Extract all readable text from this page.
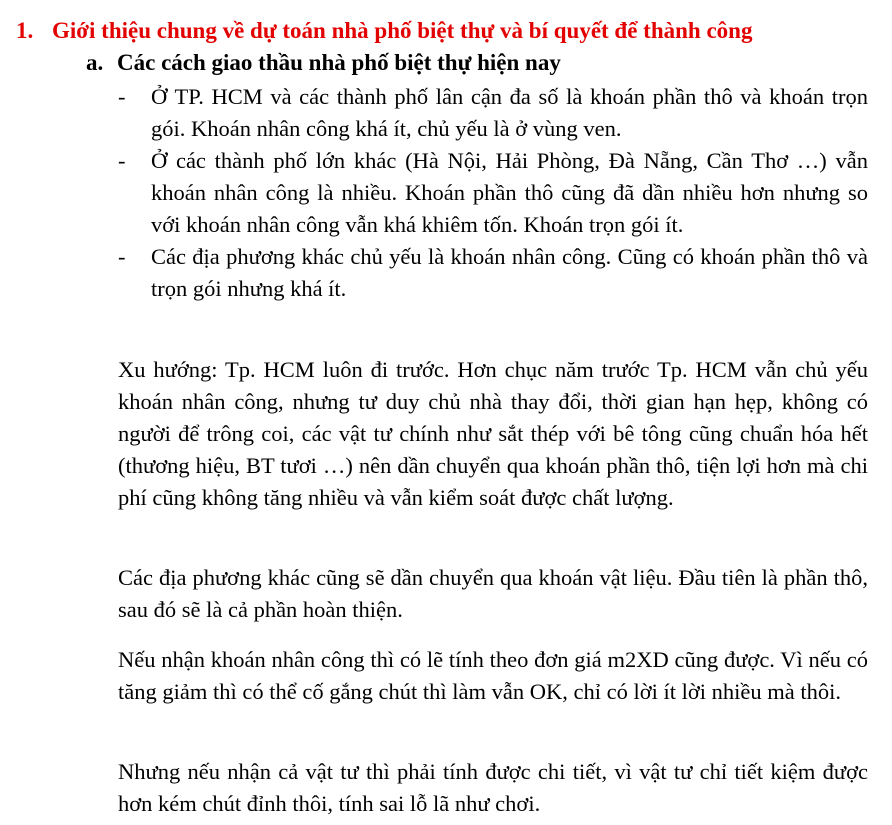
1. Giới thiệu chung về dự toán nhà phố biệt thự và bí quyết để thành công
a. Các cách giao thầu nhà phố biệt thự hiện nay
- Ở TP. HCM và các thành phố lân cận đa số là khoán phần thô và khoán trọn gói. Khoán nhân công khá ít, chủ yếu là ở vùng ven.
- Ở các thành phố lớn khác (Hà Nội, Hải Phòng, Đà Nẵng, Cần Thơ …) vẫn khoán nhân công là nhiều. Khoán phần thô cũng đã dần nhiều hơn nhưng so với khoán nhân công vẫn khá khiêm tốn. Khoán trọn gói ít.
- Các địa phương khác chủ yếu là khoán nhân công. Cũng có khoán phần thô và trọn gói nhưng khá ít.

Xu hướng: Tp. HCM luôn đi trước. Hơn chục năm trước Tp. HCM vẫn chủ yếu khoán nhân công, nhưng tư duy chủ nhà thay đổi, thời gian hạn hẹp, không có người để trông coi, các vật tư chính như sắt thép với bê tông cũng chuẩn hóa hết (thương hiệu, BT tươi …) nên dần chuyển qua khoán phần thô, tiện lợi hơn mà chi phí cũng không tăng nhiều và vẫn kiểm soát được chất lượng.

Các địa phương khác cũng sẽ dần chuyển qua khoán vật liệu. Đầu tiên là phần thô, sau đó sẽ là cả phần hoàn thiện.

Nếu nhận khoán nhân công thì có lẽ tính theo đơn giá m2XD cũng được. Vì nếu có tăng giảm thì có thể cố gắng chút thì làm vẫn OK, chỉ có lời ít lời nhiều mà thôi.

Nhưng nếu nhận cả vật tư thì phải tính được chi tiết, vì vật tư chỉ tiết kiệm được hơn kém chút đỉnh thôi, tính sai lỗ lã như chơi.
